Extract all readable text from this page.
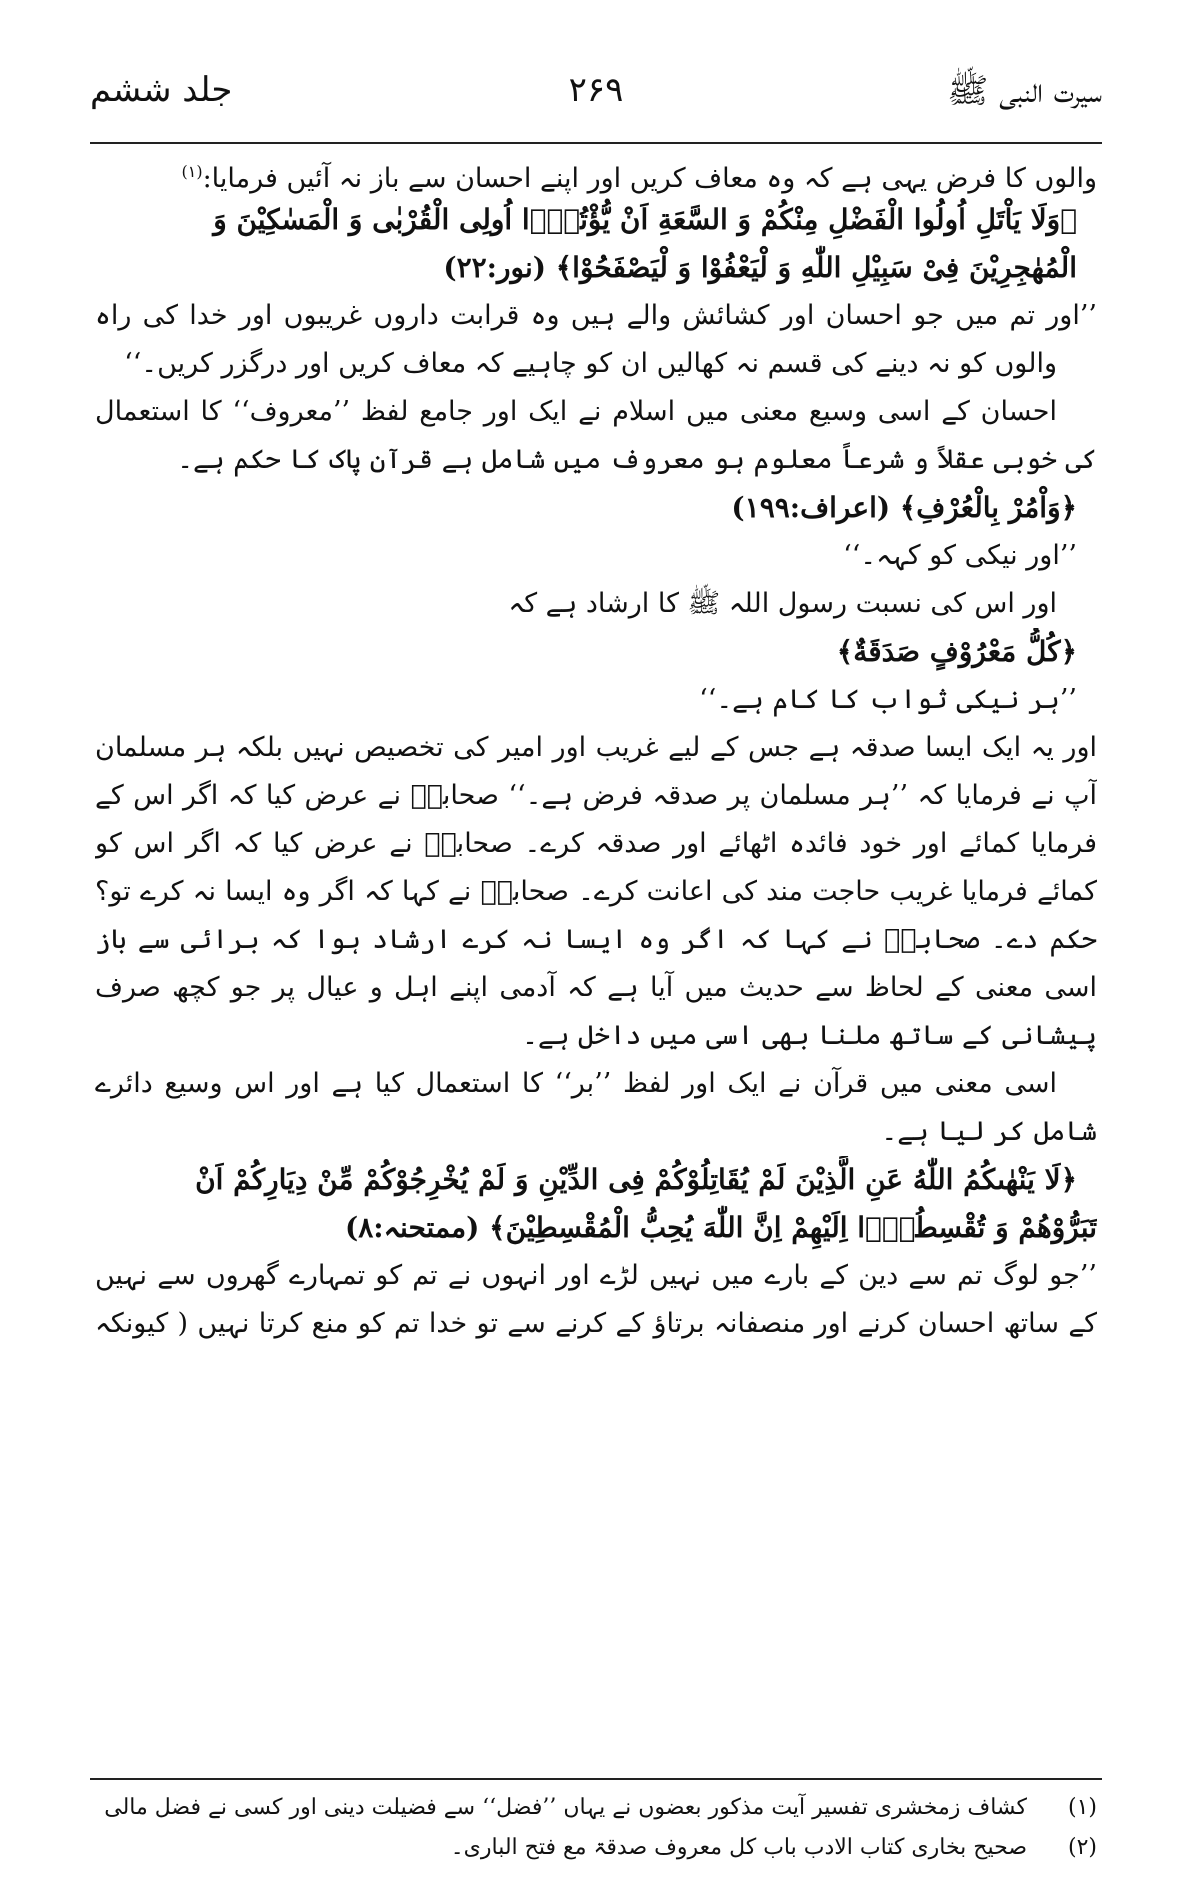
سیرت النبی ﷺ
۲۶۹
جلد ششم
والوں کا فرض یہی ہے کہ وہ معاف کریں اور اپنے احسان سے باز نہ آئیں فرمایا:$^{(۱)}$
﴿وَلَا یَاْتَلِ اُولُوا الْفَضْلِ مِنْكُمْ وَ السَّعَةِ اَنْ یُّؤْتُوْۤا اُولِی الْقُرْبٰی وَ الْمَسٰكِیْنَ وَ
الْمُهٰجِرِیْنَ فِیْ سَبِیْلِ اللّٰهِ وَ لْیَعْفُوْا وَ لْیَصْفَحُوْا﴾ (نور:۲۲)
’’اور تم میں جو احسان اور کشائش والے ہیں وہ قرابت داروں غریبوں اور خدا کی راہ
والوں کو نہ دینے کی قسم نہ کھالیں ان کو چاہیے کہ معاف کریں اور درگزر کریں۔‘‘
احسان کے اسی وسیع معنی میں اسلام نے ایک اور جامع لفظ ’’معروف‘‘ کا استعمال
کی خوبی عقلاً و شرعاً معلوم ہو معروف میں شامل ہے قرآن پاک کا حکم ہے۔
﴿وَاْمُرْ بِالْعُرْفِ﴾ (اعراف:۱۹۹)
’’اور نیکی کو کہہ۔‘‘
اور اس کی نسبت رسول اللہ ﷺ کا ارشاد ہے کہ
﴿كُلُّ مَعْرُوْفٍ صَدَقَةٌ﴾
’’ہر نیکی ثواب کا کام ہے۔‘‘
اور یہ ایک ایسا صدقہ ہے جس کے لیے غریب اور امیر کی تخصیص نہیں بلکہ ہر مسلمان
آپ نے فرمایا کہ ’’ہر مسلمان پر صدقہ فرض ہے۔‘‘ صحابہؓ نے عرض کیا کہ اگر اس کے
فرمایا کمائے اور خود فائدہ اٹھائے اور صدقہ کرے۔ صحابہؓ نے عرض کیا کہ اگر اس کو
کمائے فرمایا غریب حاجت مند کی اعانت کرے۔ صحابہؓ نے کہا کہ اگر وہ ایسا نہ کرے تو؟
حکم دے۔ صحابہؓ نے کہا کہ اگر وہ ایسا نہ کرے ارشاد ہوا کہ برائی سے باز
اسی معنی کے لحاظ سے حدیث میں آیا ہے کہ آدمی اپنے اہل و عیال پر جو کچھ صرف
پیشانی کے ساتھ ملنا بھی اسی میں داخل ہے۔
اسی معنی میں قرآن نے ایک اور لفظ ’’بر‘‘ کا استعمال کیا ہے اور اس وسیع دائرے
شامل کر لیا ہے۔
﴿لَا یَنْهٰىكُمُ اللّٰهُ عَنِ الَّذِیْنَ لَمْ یُقَاتِلُوْكُمْ فِی الدِّیْنِ وَ لَمْ یُخْرِجُوْكُمْ مِّنْ دِیَارِكُمْ اَنْ
تَبَرُّوْهُمْ وَ تُقْسِطُوْۤا اِلَیْهِمْ اِنَّ اللّٰهَ یُحِبُّ الْمُقْسِطِیْنَ﴾ (ممتحنہ:۸)
’’جو لوگ تم سے دین کے بارے میں نہیں لڑے اور انہوں نے تم کو تمہارے گھروں سے نہیں
کے ساتھ احسان کرنے اور منصفانہ برتاؤ کے کرنے سے تو خدا تم کو منع کرتا نہیں ( کیونکہ
(۱)
کشاف زمخشری تفسیر آیت مذکور بعضوں نے یہاں ’’فضل‘‘ سے فضیلت دینی اور کسی نے فضل مالی
(۲)
صحیح بخاری کتاب الادب باب کل معروف صدقۃ مع فتح الباری۔
